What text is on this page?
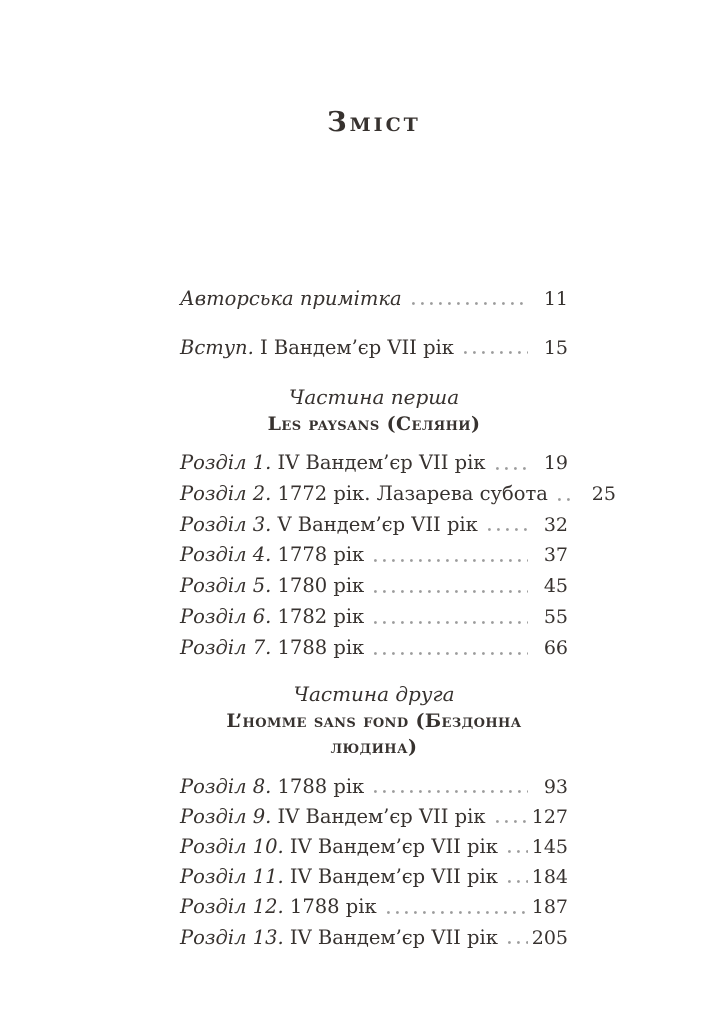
Зміст
Авторська примітка	11
Вступ. І Вандем’єр VII рік	15
Частина перша
Les paysans (Селяни)
Розділ 1. IV Вандем’єр VII рік	19
Розділ 2. 1772 рік. Лазарева субота	25
Розділ 3. V Вандем’єр VII рік	32
Розділ 4. 1778 рік	37
Розділ 5. 1780 рік	45
Розділ 6. 1782 рік	55
Розділ 7. 1788 рік	66
Частина друга
L’homme sans fond (Бездонна людина)
Розділ 8. 1788 рік	93
Розділ 9. IV Вандем’єр VII рік 127
Розділ 10. IV Вандем’єр VII рік 145
Розділ 11. IV Вандем’єр VII рік 184
Розділ 12. 1788 рік	187
Розділ 13. IV Вандем’єр VII рік 205
